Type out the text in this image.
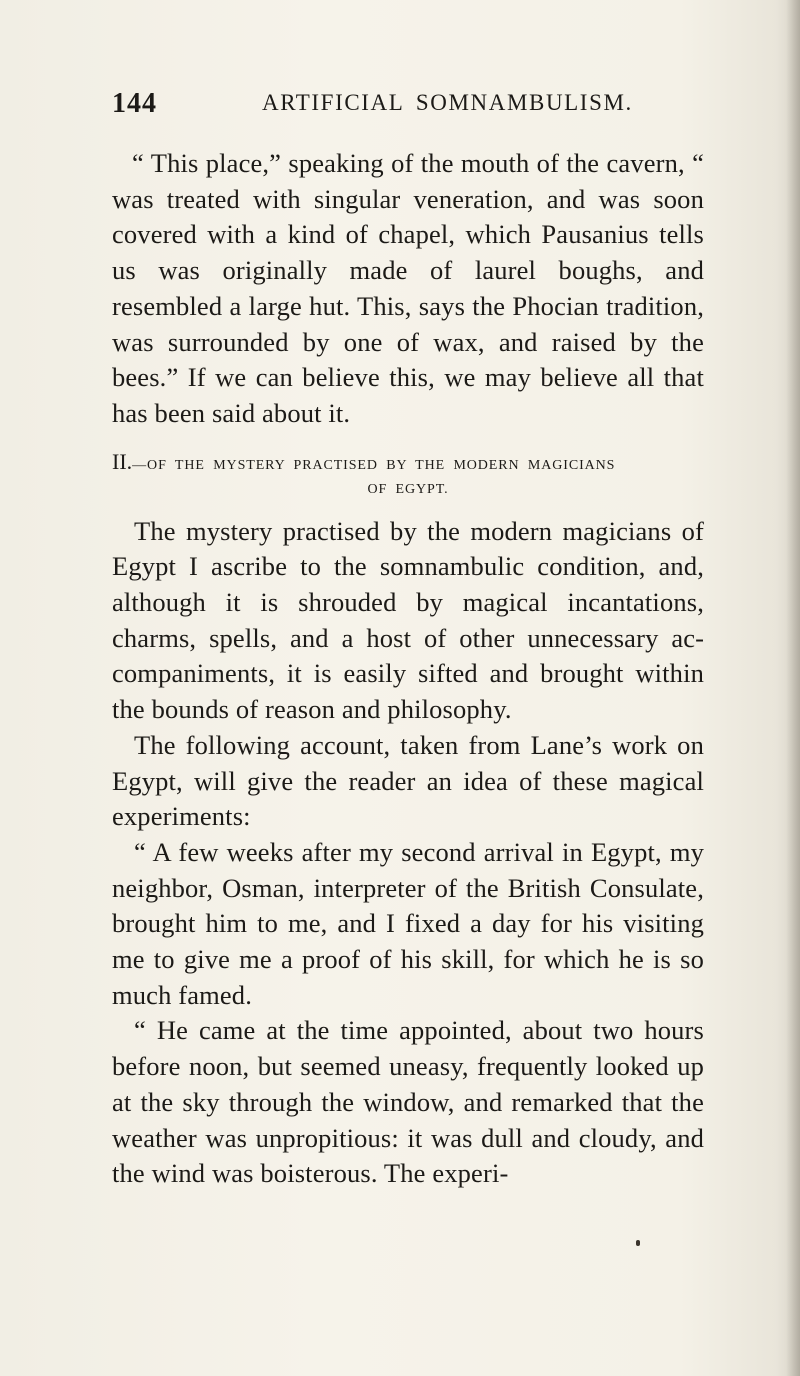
144	ARTIFICIAL SOMNAMBULISM.

“ This place,” speaking of the mouth of the cavern, “ was treated with singular veneration, and was soon covered with a kind of chapel, which Pausanius tells us was originally made of laurel boughs, and resembled a large hut. This, says the Phocian tradition, was surrounded by one of wax, and raised by the bees.” If we can believe this, we may believe all that has been said about it.

II.—OF THE MYSTERY PRACTISED BY THE MODERN MAGICIANS
OF EGYPT.

The mystery practised by the modern magicians of Egypt I ascribe to the somnambulic condition, and, although it is shrouded by magical incantations, charms, spells, and a host of other unnecessary accompaniments, it is easily sifted and brought within the bounds of reason and philosophy.

The following account, taken from Lane’s work on Egypt, will give the reader an idea of these magical experiments:

“ A few weeks after my second arrival in Egypt, my neighbor, Osman, interpreter of the British Consulate, brought him to me, and I fixed a day for his visiting me to give me a proof of his skill, for which he is so much famed.

“ He came at the time appointed, about two hours before noon, but seemed uneasy, frequently looked up at the sky through the window, and remarked that the weather was unpropitious: it was dull and cloudy, and the wind was boisterous. The experi-
